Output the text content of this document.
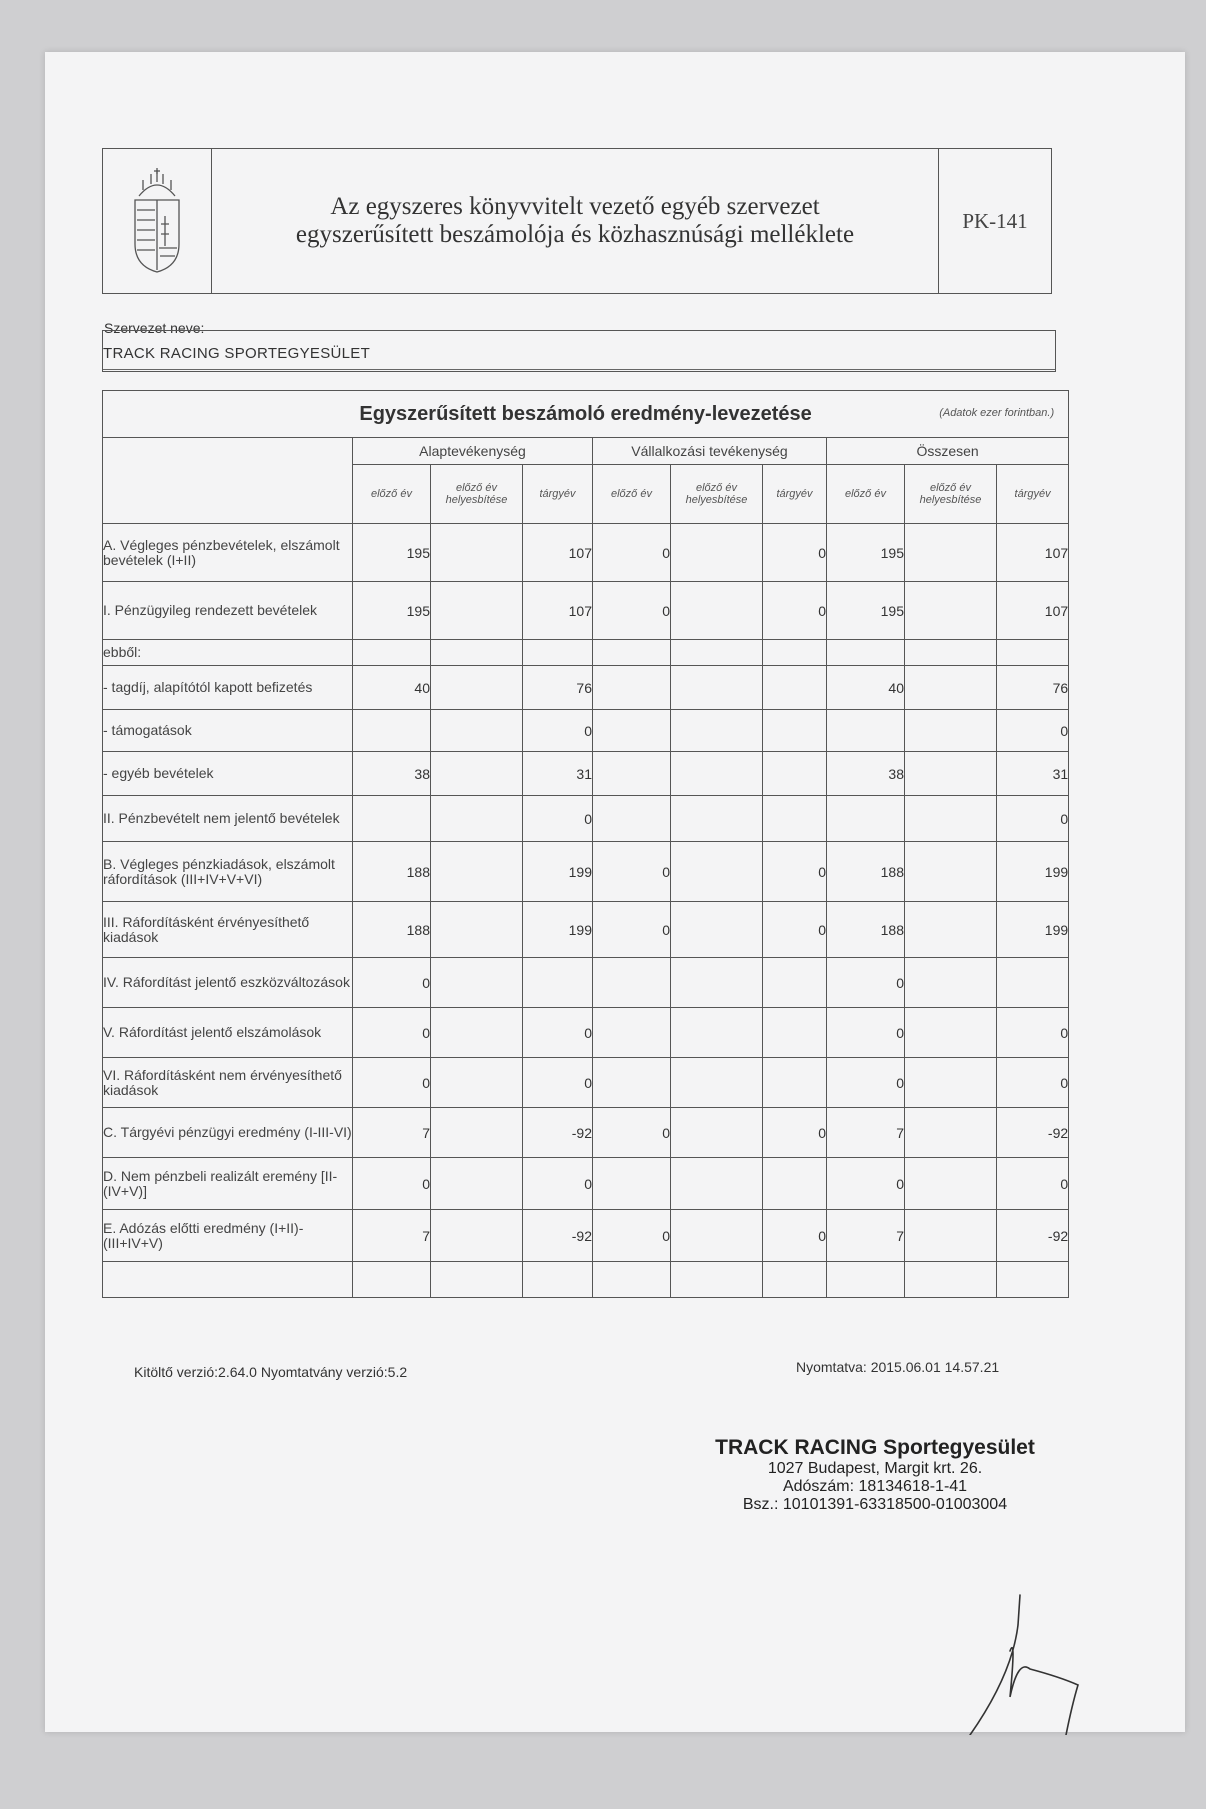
Az egyszeres könyvvitelt vezető egyéb szervezet
egyszerűsített beszámolója és közhasznúsági melléklete
PK-141
Szervezet neve:
TRACK RACING SPORTEGYESÜLET
Egyszerűsített beszámoló eredmény-levezetése (Adatok ezer forintban.)									

	Alaptevékenység			Vállalkozási tevékenység			Összesen		
	előző év	előző év helyesbítése	tárgyév	előző év	előző év helyesbítése	tárgyév	előző év	előző év helyesbítése	tárgyév
A. Végleges pénzbevételek, elszámolt bevételek (I+II)	195		107	0		0	195		107
I. Pénzügyileg rendezett bevételek	195		107	0		0	195		107
ebből:									
- tagdíj, alapítótól kapott befizetés	40		76				40		76
- támogatások			0						0
- egyéb bevételek	38		31				38		31
II. Pénzbevételt nem jelentő bevételek			0						0
B. Végleges pénzkiadások, elszámolt ráfordítások (III+IV+V+VI)	188		199	0		0	188		199
III. Ráfordításként érvényesíthető kiadások	188		199	0		0	188		199
IV. Ráfordítást jelentő eszközváltozások	0						0		
V. Ráfordítást jelentő elszámolások	0		0				0		0
VI. Ráfordításként nem érvényesíthető kiadások	0		0				0		0
C. Tárgyévi pénzügyi eredmény (I-III-VI)	7		-92	0		0	7		-92
D. Nem pénzbeli realizált eremény [II-(IV+V)]	0		0				0		0
E. Adózás előtti eredmény (I+II)-(III+IV+V)	7		-92	0		0	7		-92

Kitöltő verzió:2.64.0 Nyomtatvány verzió:5.2	Nyomtatva: 2015.06.01 14.57.21
TRACK RACING Sportegyesület
1027 Budapest, Margit krt. 26.
Adószám: 18134618-1-41
Bsz.: 10101391-63318500-01003004
